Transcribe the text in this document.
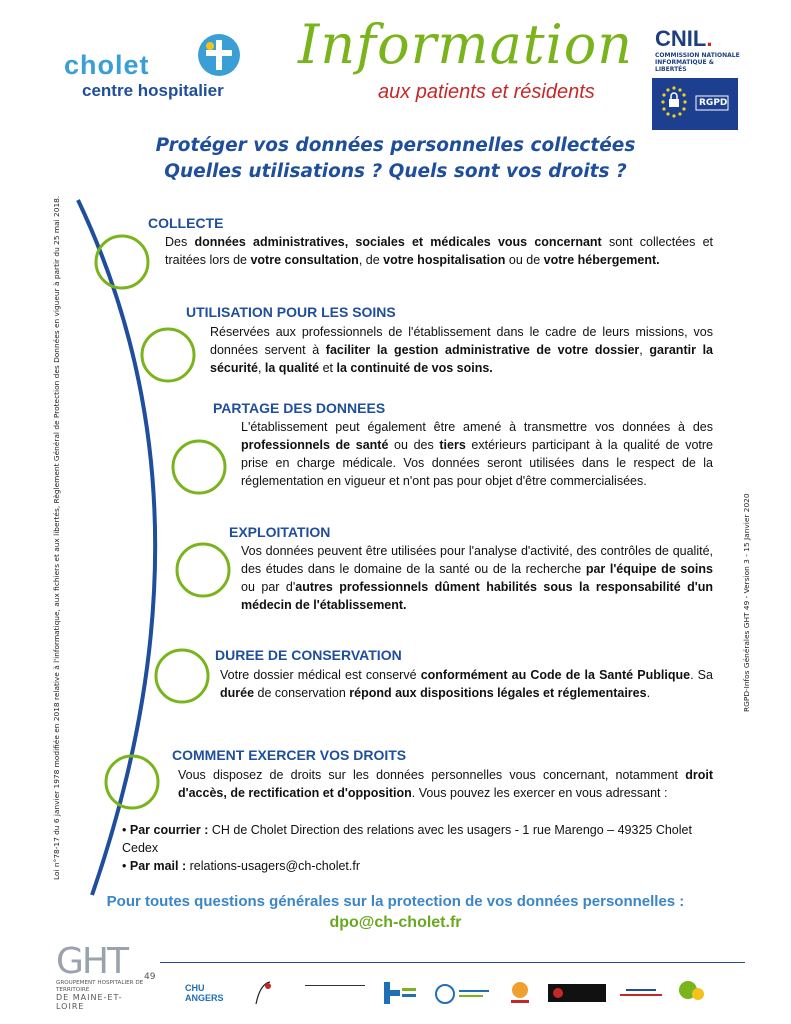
cholet
centre hospitalier
Information
aux patients et résidents
CNIL.
COMMISSION NATIONALE INFORMATIQUE & LIBERTÉS
RGPD
Protéger vos données personnelles collectées
Quelles utilisations ? Quels sont vos droits ?
Loi n°78-17 du 6 janvier 1978 modifiée en 2018 relative à l'informatique, aux fichiers et aux libertés, Règlement Général de Protection des Données en vigueur à partir du 25 mai 2018.	RGPD-Infos Générales GHT 49 - Version 3 - 15 Janvier 2020
COLLECTE
Des données administratives, sociales et médicales vous concernant sont collectées et traitées lors de votre consultation, de votre hospitalisation ou de votre hébergement.
UTILISATION POUR LES SOINS
Réservées aux professionnels de l'établissement dans le cadre de leurs missions, vos données servent à faciliter la gestion administrative de votre dossier, garantir la sécurité, la qualité et la continuité de vos soins.
PARTAGE DES DONNEES
L'établissement peut également être amené à transmettre vos données à des professionnels de santé ou des tiers extérieurs participant à la qualité de votre prise en charge médicale. Vos données seront utilisées dans le respect de la réglementation en vigueur et n'ont pas pour objet d'être commercialisées.
EXPLOITATION
Vos données peuvent être utilisées pour l'analyse d'activité, des contrôles de qualité, des études dans le domaine de la santé ou de la recherche par l'équipe de soins ou par d'autres professionnels dûment habilités sous la responsabilité d'un médecin de l'établissement.
DUREE DE CONSERVATION
Votre dossier médical est conservé conformément au Code de la Santé Publique. Sa durée de conservation répond aux dispositions légales et réglementaires.
COMMENT EXERCER VOS DROITS
Vous disposez de droits sur les données personnelles vous concernant, notamment droit d'accès, de rectification et d'opposition. Vous pouvez les exercer en vous adressant :
• Par courrier : CH de Cholet Direction des relations avec les usagers - 1 rue Marengo – 49325 Cholet Cedex
• Par mail : relations-usagers@ch-cholet.fr
Pour toutes questions générales sur la protection de vos données personnelles :
dpo@ch-cholet.fr
GHT 49
GROUPEMENT HOSPITALIER DE TERRITOIRE
DE MAINE-ET-LOIRE
CHU ANGERS
